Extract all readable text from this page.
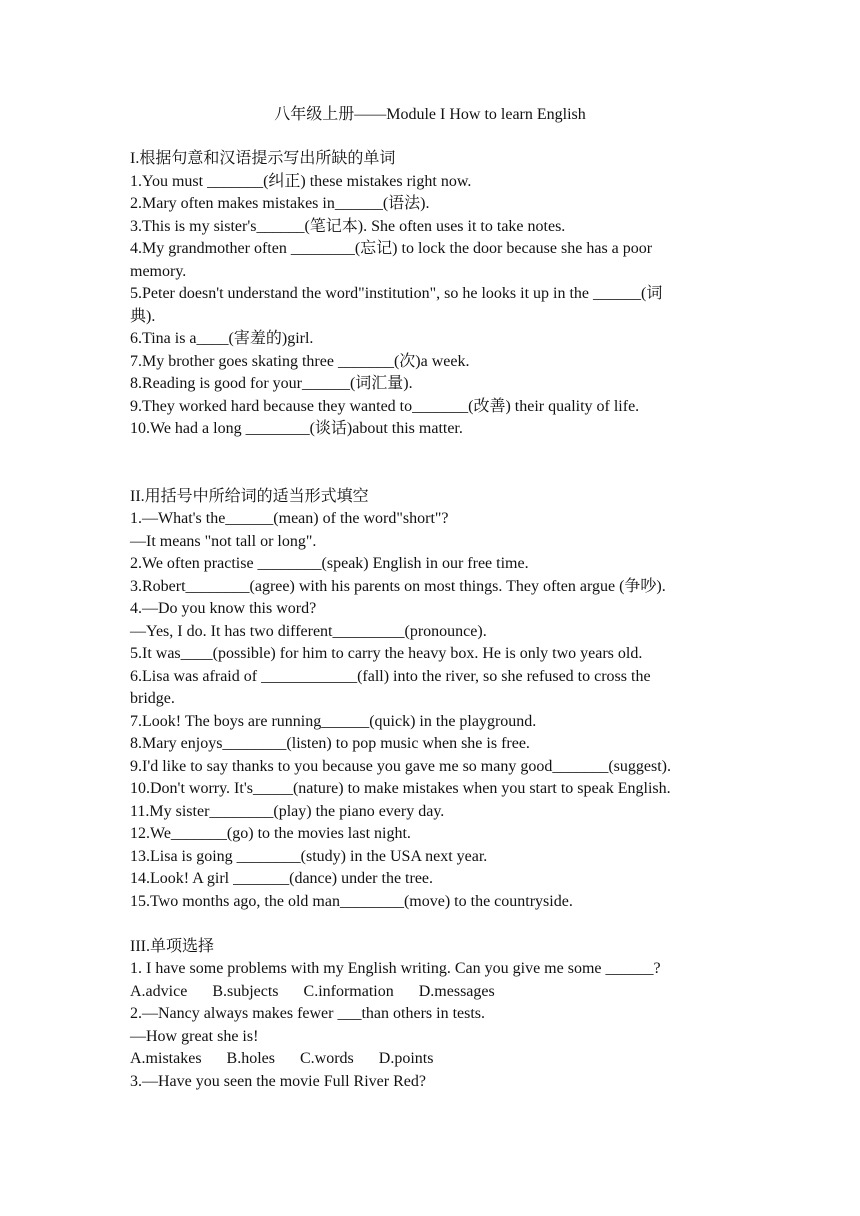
八年级上册——Module I How to learn English
I.根据句意和汉语提示写出所缺的单词
1.You must _______(纠正) these mistakes right now.
2.Mary often makes mistakes in______(语法).
3.This is my sister's______(笔记本). She often uses it to take notes.
4.My grandmother often ________(忘记) to lock the door because she has a poor
memory.
5.Peter doesn't understand the word"institution", so he looks it up in the ______(词
典).
6.Tina is a____(害羞的)girl.
7.My brother goes skating three _______(次)a week.
8.Reading is good for your______(词汇量).
9.They worked hard because they wanted to_______(改善) their quality of life.
10.We had a long ________(谈话)about this matter.
II.用括号中所给词的适当形式填空
1.—What's the______(mean) of the word"short"?
—It means "not tall or long".
2.We often practise ________(speak) English in our free time.
3.Robert________(agree) with his parents on most things. They often argue (争吵).
4.—Do you know this word?
—Yes, I do. It has two different_________(pronounce).
5.It was____(possible) for him to carry the heavy box. He is only two years old.
6.Lisa was afraid of ____________(fall) into the river, so she refused to cross the
bridge.
7.Look! The boys are running______(quick) in the playground.
8.Mary enjoys________(listen) to pop music when she is free.
9.I'd like to say thanks to you because you gave me so many good_______(suggest).
10.Don't worry. It's_____(nature) to make mistakes when you start to speak English.
11.My sister________(play) the piano every day.
12.We_______(go) to the movies last night.
13.Lisa is going ________(study) in the USA next year.
14.Look! A girl _______(dance) under the tree.
15.Two months ago, the old man________(move) to the countryside.
III.单项选择
1. I have some problems with my English writing. Can you give me some ______?
A.advice B.subjects C.information D.messages
2.—Nancy always makes fewer ___than others in tests.
—How great she is!
A.mistakes B.holes C.words D.points
3.—Have you seen the movie Full River Red?
